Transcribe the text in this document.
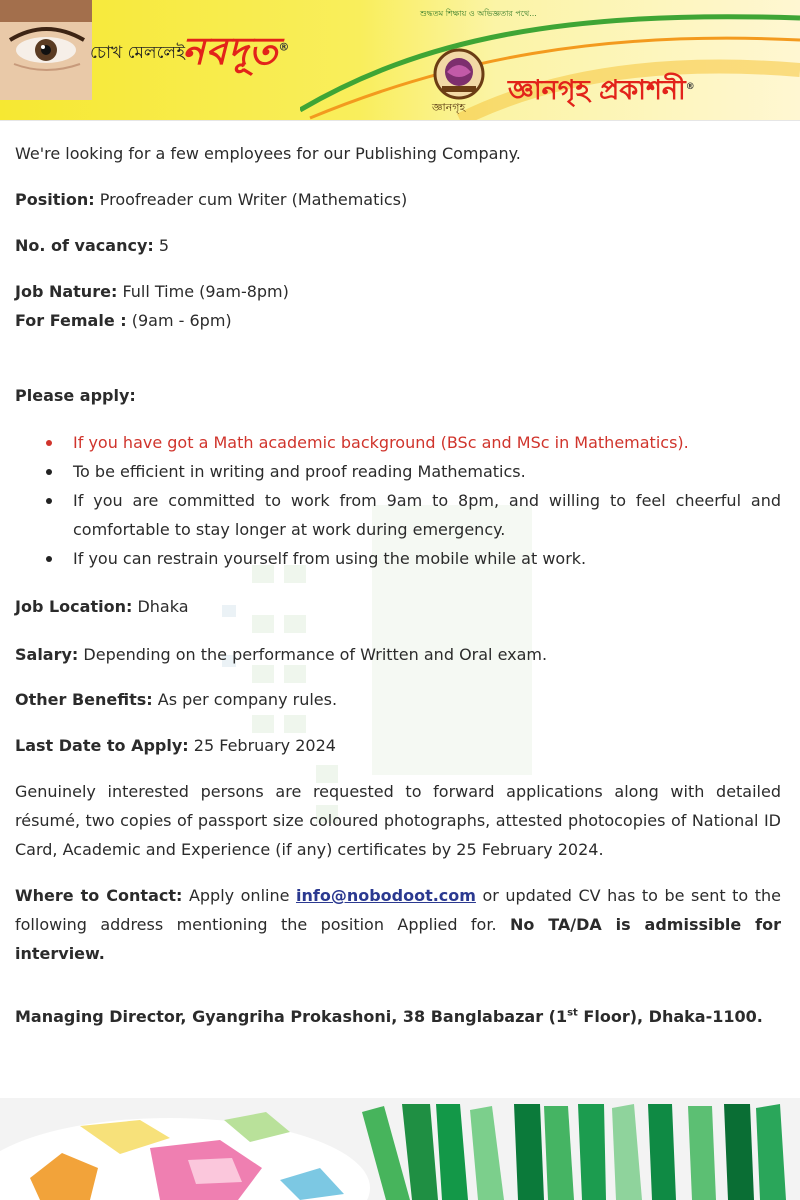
চোখ মেললেই
নবদূত®
শুদ্ধতম শিক্ষায় ও অভিজ্ঞতার পথে...
জ্ঞানগৃহ
জ্ঞানগৃহ প্রকাশনী®
We're looking for a few employees for our Publishing Company.
Position: Proofreader cum Writer (Mathematics)
No. of vacancy: 5
Job Nature: Full Time (9am-8pm)
For Female : (9am - 6pm)
Please apply:
If you have got a Math academic background (BSc and MSc in Mathematics).
To be efficient in writing and proof reading Mathematics.
If you are committed to work from 9am to 8pm, and willing to feel cheerful and comfortable to stay longer at work during emergency.
If you can restrain yourself from using the mobile while at work.
Job Location: Dhaka
Salary: Depending on the performance of Written and Oral exam.
Other Benefits: As per company rules.
Last Date to Apply: 25 February 2024
Genuinely interested persons are requested to forward applications along with detailed résumé, two copies of passport size coloured photographs, attested photocopies of National ID Card, Academic and Experience (if any) certificates by 25 February 2024.
Where to Contact: Apply online info@nobodoot.com or updated CV has to be sent to the following address mentioning the position Applied for. No TA/DA is admissible for interview.
Managing Director, Gyangriha Prokashoni, 38 Banglabazar (1st Floor), Dhaka-1100.
